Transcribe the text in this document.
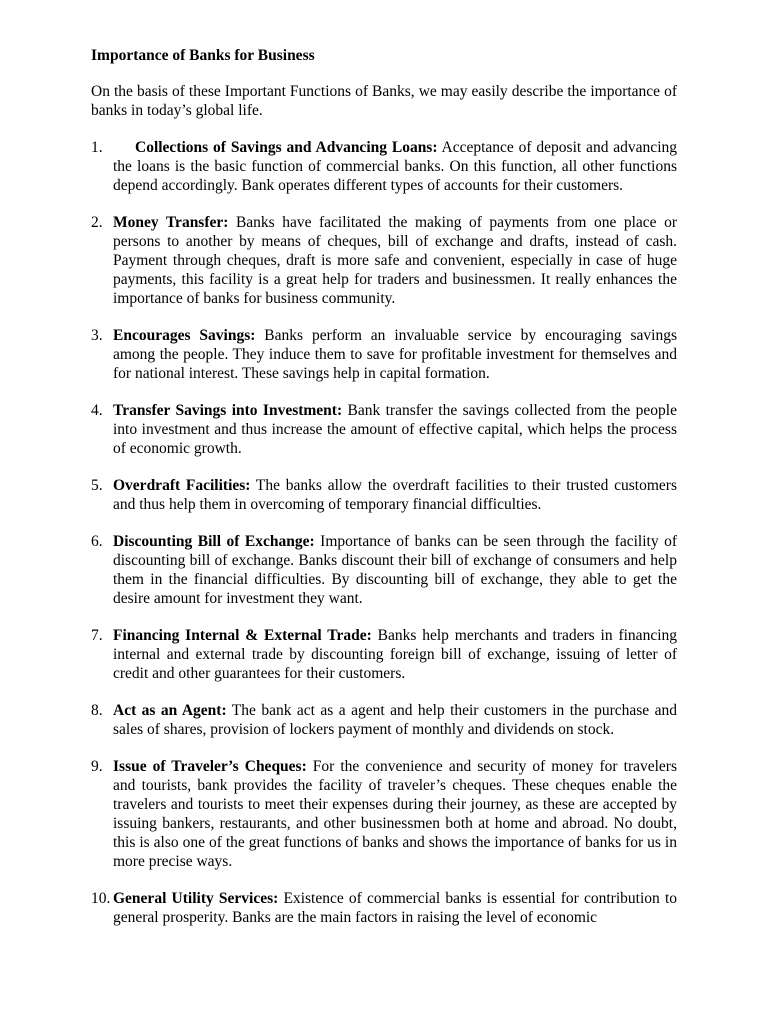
Importance of Banks for Business
On the basis of these Important Functions of Banks, we may easily describe the importance of banks in today’s global life.
1.	Collections of Savings and Advancing Loans: Acceptance of deposit and advancing the loans is the basic function of commercial banks. On this function, all other functions depend accordingly. Bank operates different types of accounts for their customers.
2. Money Transfer: Banks have facilitated the making of payments from one place or persons to another by means of cheques, bill of exchange and drafts, instead of cash. Payment through cheques, draft is more safe and convenient, especially in case of huge payments, this facility is a great help for traders and businessmen. It really enhances the importance of banks for business community.
3. Encourages Savings: Banks perform an invaluable service by encouraging savings among the people. They induce them to save for profitable investment for themselves and for national interest. These savings help in capital formation.
4. Transfer Savings into Investment: Bank transfer the savings collected from the people into investment and thus increase the amount of effective capital, which helps the process of economic growth.
5. Overdraft Facilities: The banks allow the overdraft facilities to their trusted customers and thus help them in overcoming of temporary financial difficulties.
6. Discounting Bill of Exchange: Importance of banks can be seen through the facility of discounting bill of exchange. Banks discount their bill of exchange of consumers and help them in the financial difficulties. By discounting bill of exchange, they able to get the desire amount for investment they want.
7. Financing Internal & External Trade: Banks help merchants and traders in financing internal and external trade by discounting foreign bill of exchange, issuing of letter of credit and other guarantees for their customers.
8. Act as an Agent: The bank act as a agent and help their customers in the purchase and sales of shares, provision of lockers payment of monthly and dividends on stock.
9. Issue of Traveler’s Cheques: For the convenience and security of money for travelers and tourists, bank provides the facility of traveler’s cheques. These cheques enable the travelers and tourists to meet their expenses during their journey, as these are accepted by issuing bankers, restaurants, and other businessmen both at home and abroad. No doubt, this is also one of the great functions of banks and shows the importance of banks for us in more precise ways.
10. General Utility Services: Existence of commercial banks is essential for contribution to general prosperity. Banks are the main factors in raising the level of economic
